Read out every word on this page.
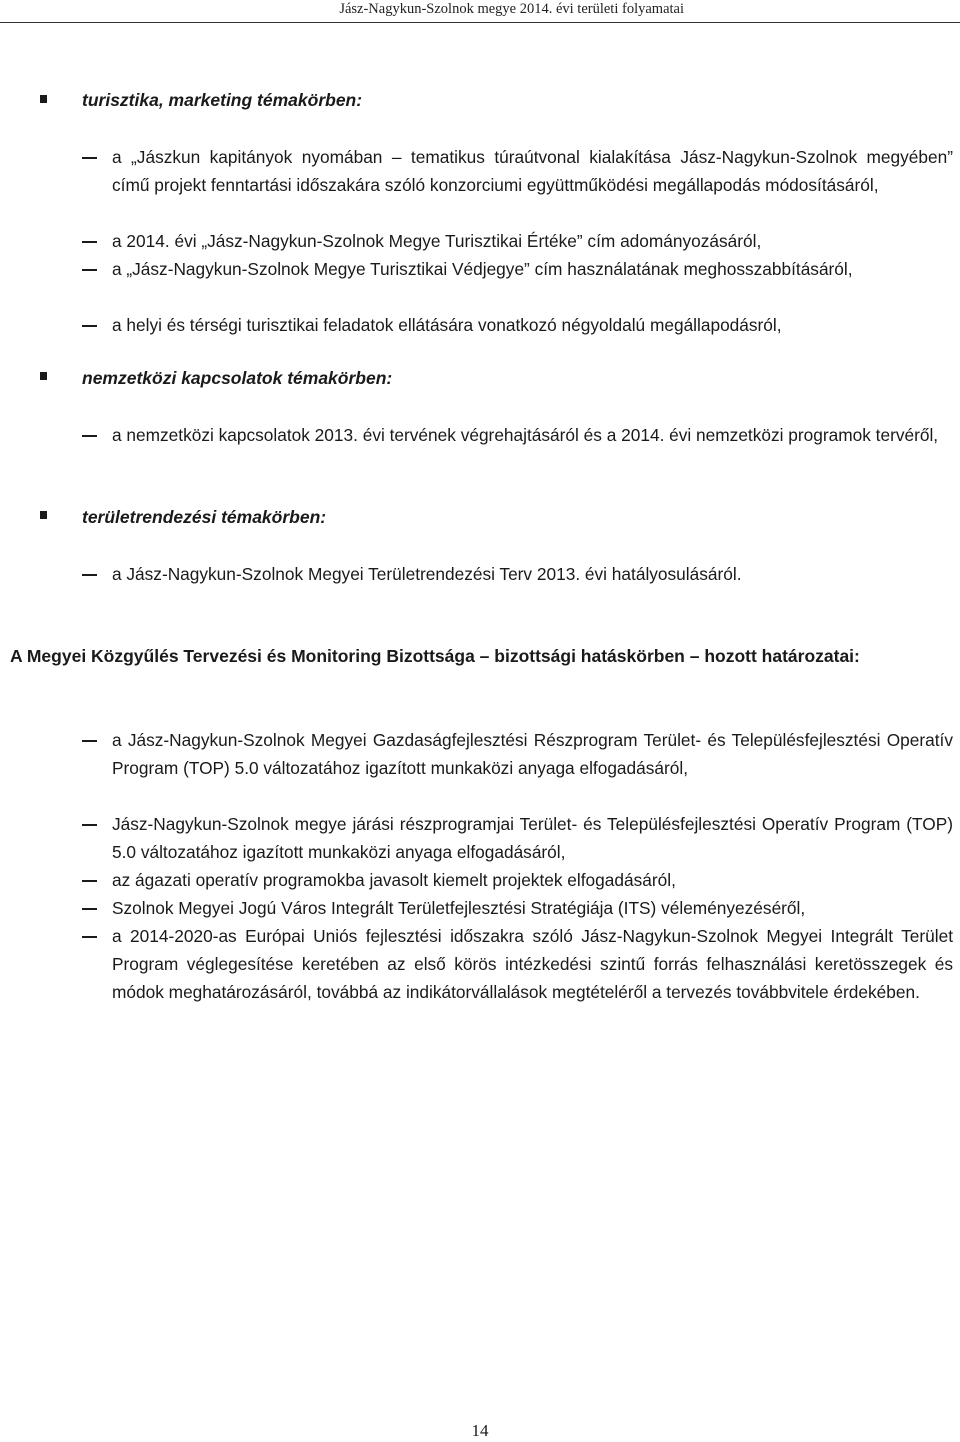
Jász-Nagykun-Szolnok megye 2014. évi területi folyamatai
turisztika, marketing témakörben:
a „Jászkun kapitányok nyomában – tematikus túraútvonal kialakítása Jász-Nagykun-Szolnok megyében” című projekt fenntartási időszakára szóló konzorciumi együttműködési megállapodás módosításáról,
a 2014. évi „Jász-Nagykun-Szolnok Megye Turisztikai Értéke” cím adományozásáról,
a „Jász-Nagykun-Szolnok Megye Turisztikai Védjegye” cím használatának meghosszabbításáról,
a helyi és térségi turisztikai feladatok ellátására vonatkozó négyoldalú megállapodásról,
nemzetközi kapcsolatok témakörben:
a nemzetközi kapcsolatok 2013. évi tervének végrehajtásáról és a 2014. évi nemzetközi programok tervéről,
területrendezési témakörben:
a Jász-Nagykun-Szolnok Megyei Területrendezési Terv 2013. évi hatályosulásáról.
A Megyei Közgyűlés Tervezési és Monitoring Bizottsága – bizottsági hatáskörben – hozott határozatai:
a Jász-Nagykun-Szolnok Megyei Gazdaságfejlesztési Részprogram Terület- és Településfejlesztési Operatív Program (TOP) 5.0 változatához igazított munkaközi anyaga elfogadásáról,
Jász-Nagykun-Szolnok megye járási részprogramjai Terület- és Településfejlesztési Operatív Program (TOP) 5.0 változatához igazított munkaközi anyaga elfogadásáról,
az ágazati operatív programokba javasolt kiemelt projektek elfogadásáról,
Szolnok Megyei Jogú Város Integrált Területfejlesztési Stratégiája (ITS) véleményezéséről,
a 2014-2020-as Európai Uniós fejlesztési időszakra szóló Jász-Nagykun-Szolnok Megyei Integrált Terület Program véglegesítése keretében az első körös intézkedési szintű forrás felhasználási keretösszegek és módok meghatározásáról, továbbá az indikátorvállalások megtételéről a tervezés továbbvitele érdekében.
14
